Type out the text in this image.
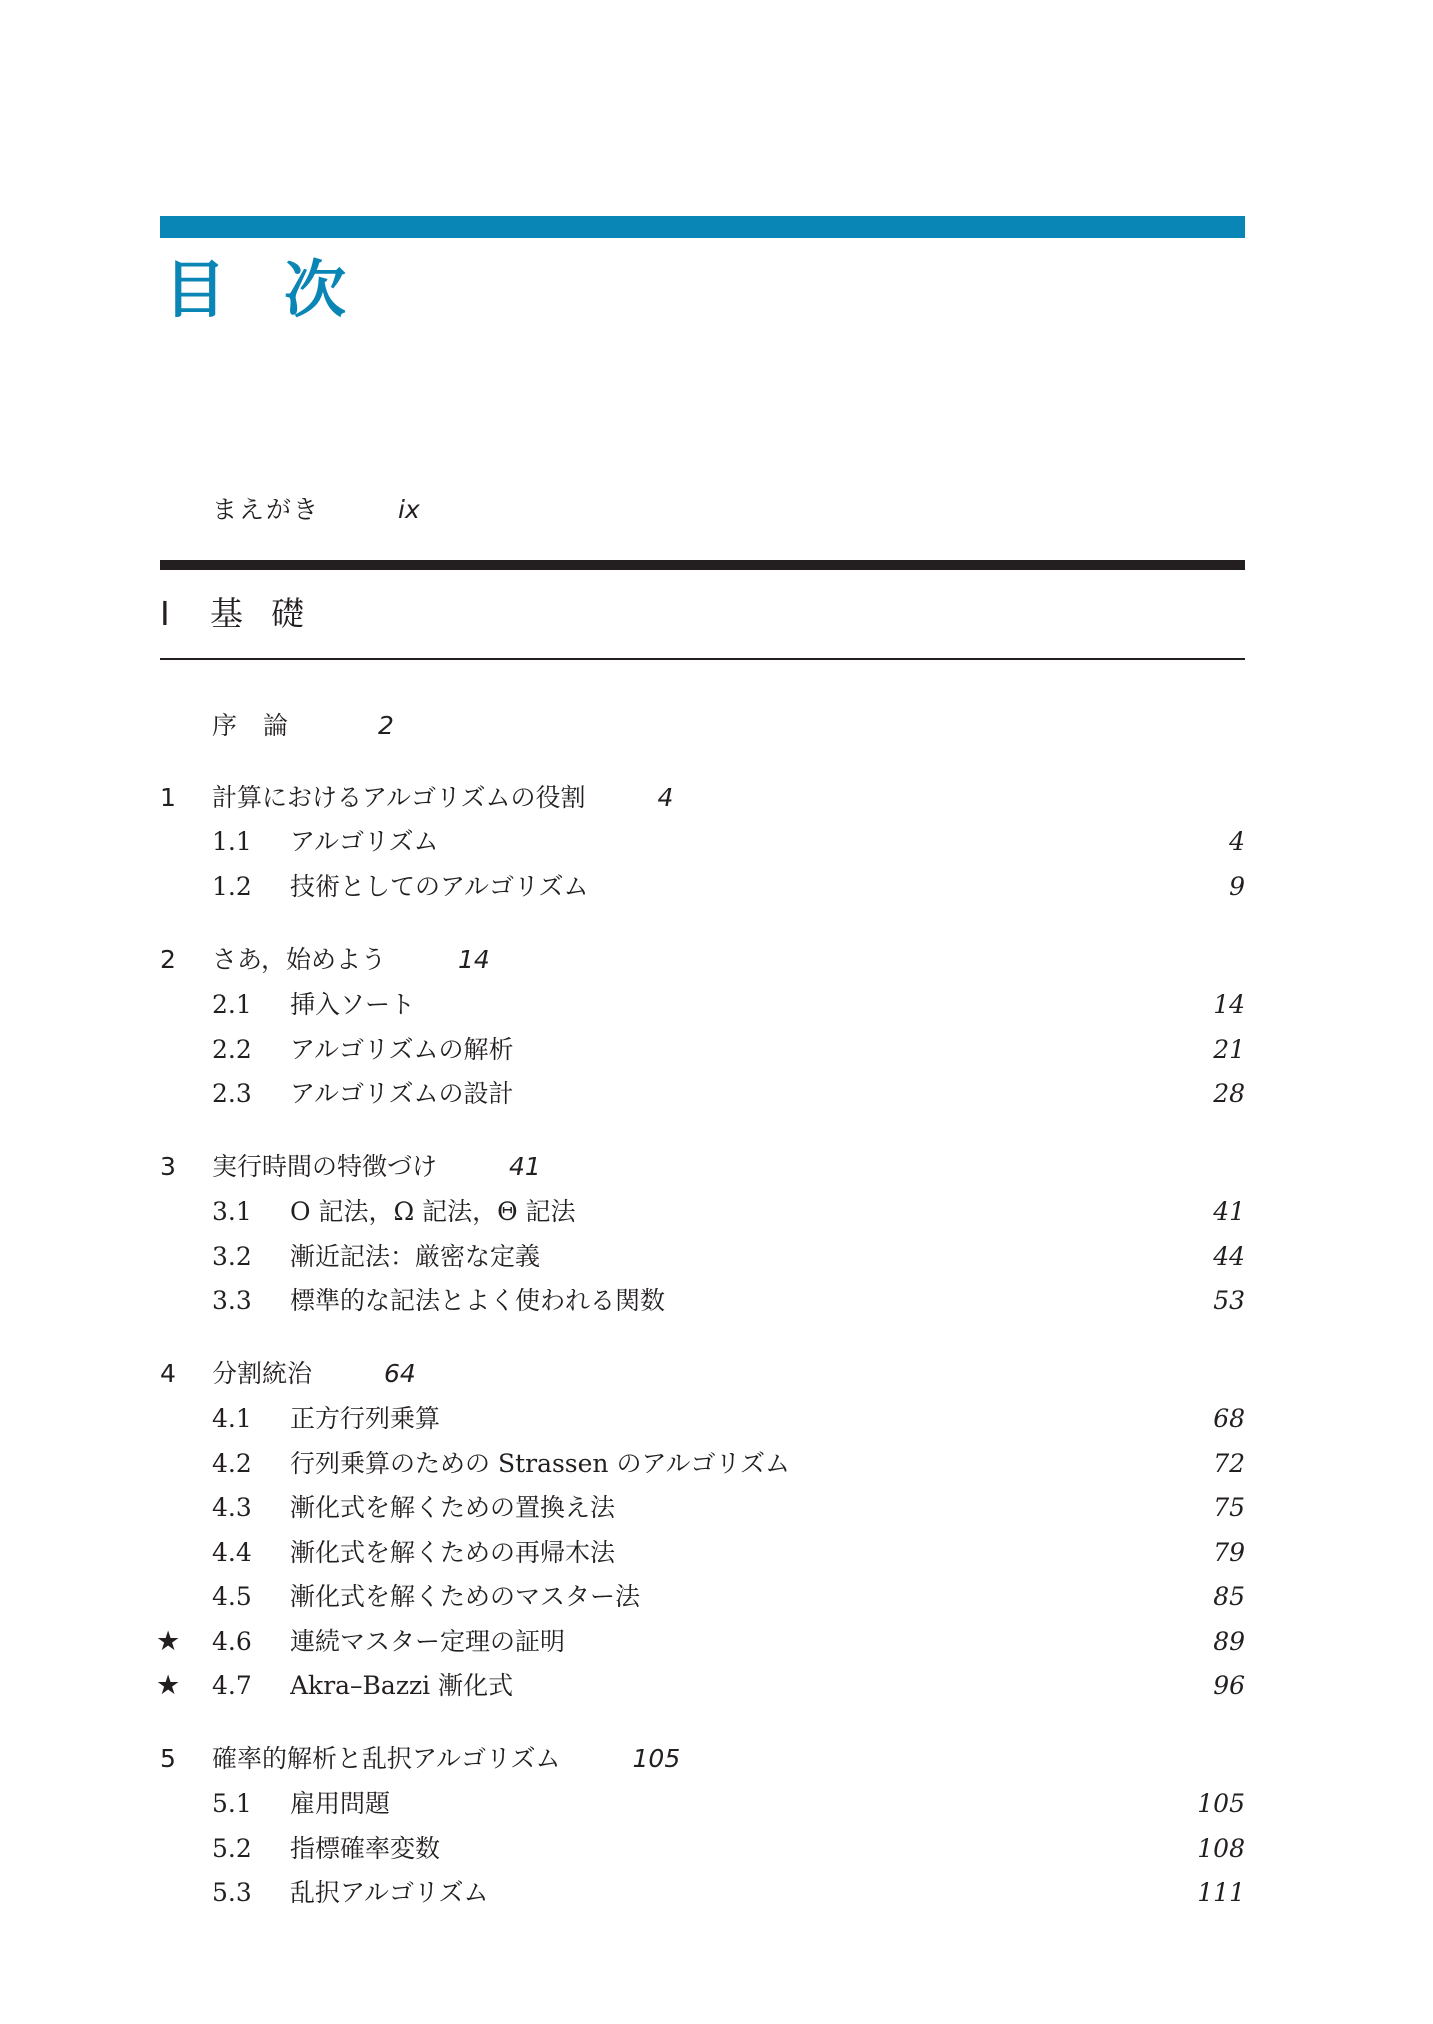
目次
まえがき	ix
I 基礎
序論	2
1 計算におけるアルゴリズムの役割	4
1.1 アルゴリズム . . .	4
1.2 技術としてのアルゴリズム . . .	9
2 さあ，始めよう	14
2.1 挿入ソート . . .	14
2.2 アルゴリズムの解析 . . .	21
2.3 アルゴリズムの設計 . . .	28
3 実行時間の特徴づけ	41
3.1 O 記法，Ω 記法，Θ 記法 . . .	41
3.2 漸近記法：厳密な定義 . . .	44
3.3 標準的な記法とよく使われる関数 . . .	53
4 分割統治	64
4.1 正方行列乗算 . . .	68
4.2 行列乗算のための Strassen のアルゴリズム . . .	72
4.3 漸化式を解くための置換え法 . . .	75
4.4 漸化式を解くための再帰木法 . . .	79
4.5 漸化式を解くためのマスター法 . . .	85
★ 4.6 連続マスター定理の証明 . . .	89
★ 4.7 Akra–Bazzi 漸化式 . . .	96
5 確率的解析と乱択アルゴリズム	105
5.1 雇用問題 . . .	105
5.2 指標確率変数 . . .	108
5.3 乱択アルゴリズム . . .	111
